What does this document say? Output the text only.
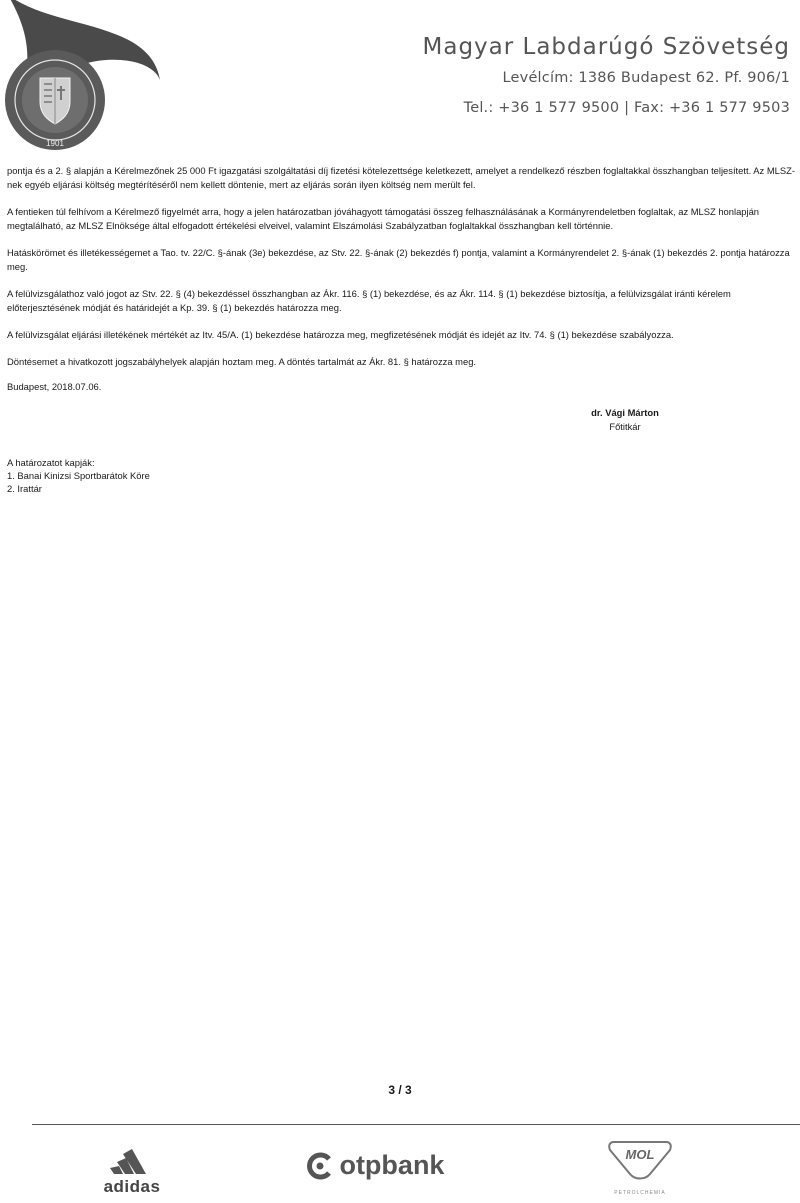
1901
Magyar Labdarúgó Szövetség
Levélcím: 1386 Budapest 62. Pf. 906/1
Tel.: +36 1 577 9500 | Fax: +36 1 577 9503

pontja és a 2. § alapján a Kérelmezőnek 25 000 Ft igazgatási szolgáltatási díj fizetési kötelezettsége keletkezett, amelyet a rendelkező részben foglaltakkal összhangban teljesített. Az MLSZ-nek egyéb eljárási költség megtérítéséről nem kellett döntenie, mert az eljárás során ilyen költség nem merült fel.

A fentieken túl felhívom a Kérelmező figyelmét arra, hogy a jelen határozatban jóváhagyott támogatási összeg felhasználásának a Kormányrendeletben foglaltak, az MLSZ honlapján megtalálható, az MLSZ Elnöksége által elfogadott értékelési elveivel, valamint Elszámolási Szabályzatban foglaltakkal összhangban kell történnie.

Hatáskörömet és illetékességemet a Tao. tv. 22/C. §-ának (3e) bekezdése, az Stv. 22. §-ának (2) bekezdés f) pontja, valamint a Kormányrendelet 2. §-ának (1) bekezdés 2. pontja határozza meg.

A felülvizsgálathoz való jogot az Stv. 22. § (4) bekezdéssel összhangban az Ákr. 116. § (1) bekezdése, és az Ákr. 114. § (1) bekezdése biztosítja, a felülvizsgálat iránti kérelem előterjesztésének módját és határidejét a Kp. 39. § (1) bekezdés határozza meg.

A felülvizsgálat eljárási illetékének mértékét az Itv. 45/A. (1) bekezdése határozza meg, megfizetésének módját és idejét az Itv. 74. § (1) bekezdése szabályozza.

Döntésemet a hivatkozott jogszabályhelyek alapján hoztam meg. A döntés tartalmát az Ákr. 81. § határozza meg.

Budapest, 2018.07.06.
dr. Vági Márton
Főtitkár
A határozatot kapják:
1. Banai Kinizsi Sportbarátok Köre
2. Irattár
3 / 3
adidas
otpbank	MOL
PETROLCHEMIA
